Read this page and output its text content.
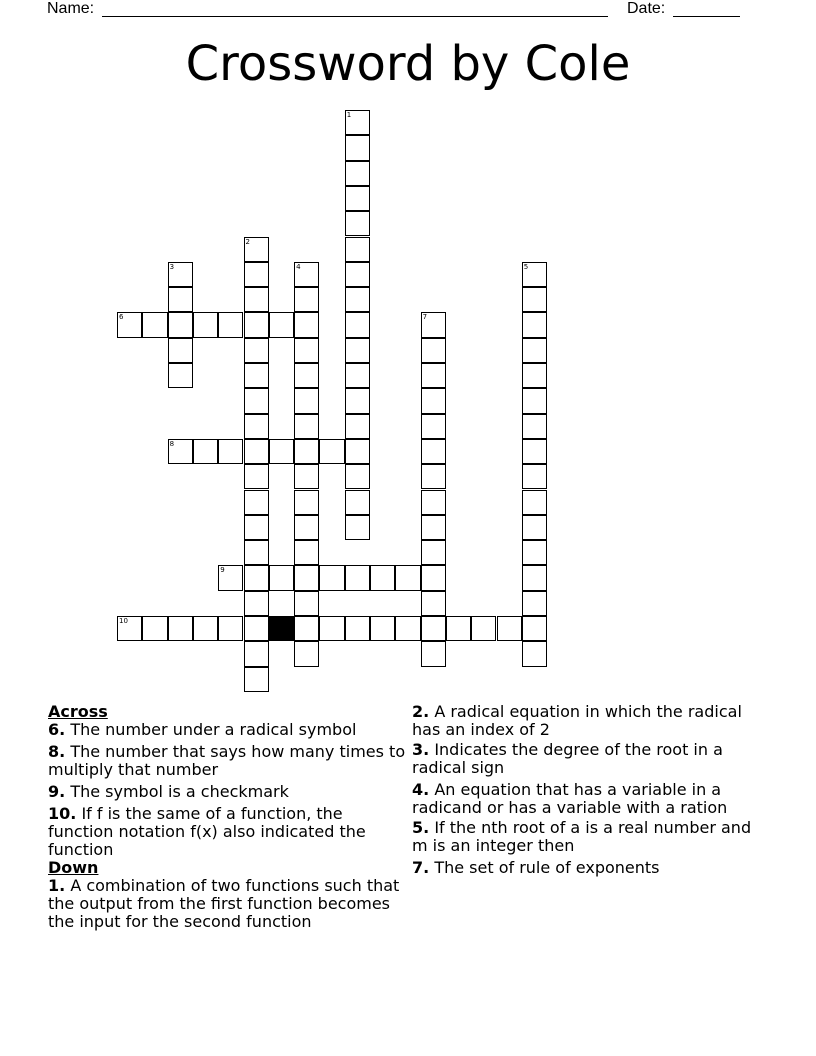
Name:	Date:
Crossword by Cole
1
2
3	4	5
6	7
8
9
10
Across
6. The number under a radical symbol
8. The number that says how many times to multiply that number
9. The symbol is a checkmark
10. If f is the same of a function, the function notation f(x) also indicated the function
Down
1. A combination of two functions such that the output from the first function becomes the input for the second function
2. A radical equation in which the radical has an index of 2
3. Indicates the degree of the root in a radical sign
4. An equation that has a variable in a radicand or has a variable with a ration
5. If the nth root of a is a real number and m is an integer then
7. The set of rule of exponents
